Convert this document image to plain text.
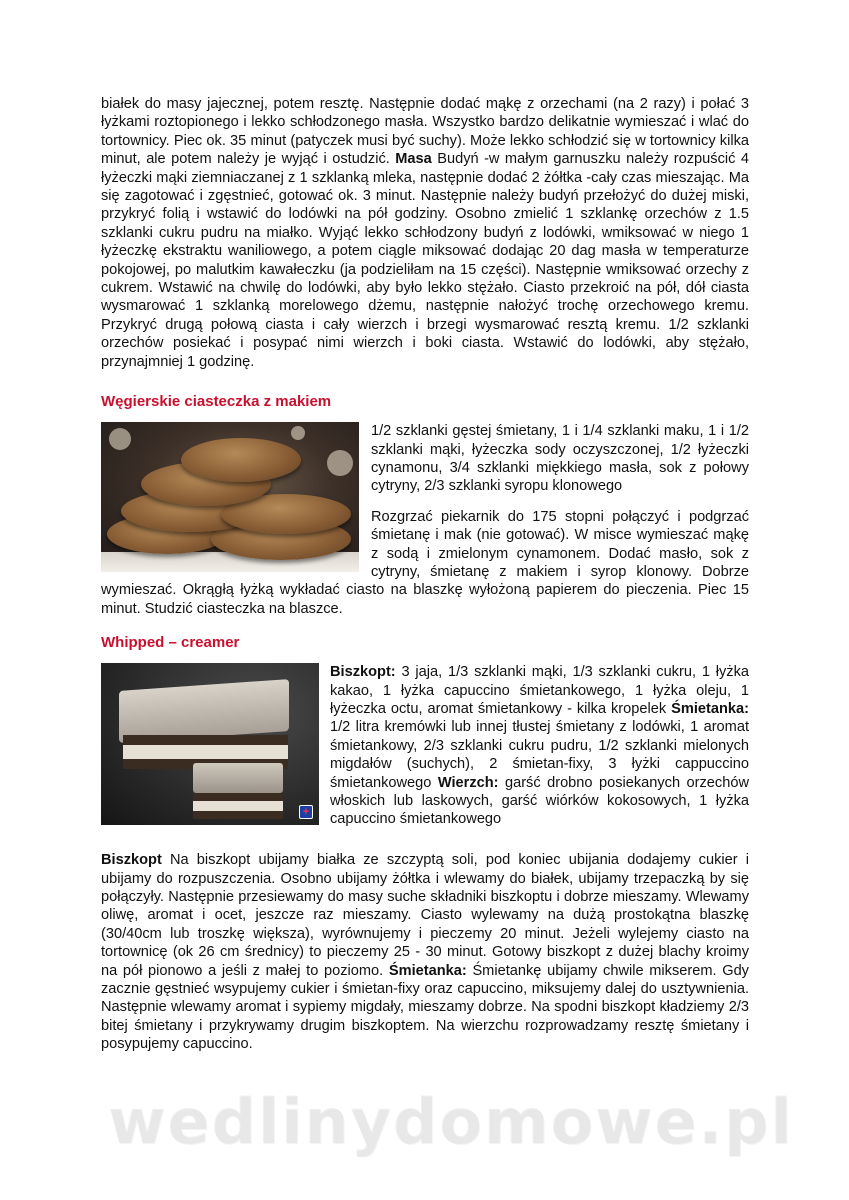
białek do masy jajecznej, potem resztę. Następnie dodać mąkę z orzechami (na 2 razy) i połać 3 łyżkami roztopionego i lekko schłodzonego masła. Wszystko bardzo delikatnie wymieszać i wlać do tortownicy. Piec ok. 35 minut (patyczek musi być suchy). Może lekko schłodzić się w tortownicy kilka minut, ale potem należy je wyjąć i ostudzić. Masa Budyń -w małym garnuszku należy rozpuścić 4 łyżeczki mąki ziemniaczanej z 1 szklanką mleka, następnie dodać 2 żółtka -cały czas mieszając. Ma się zagotować i zgęstnieć, gotować ok. 3 minut. Następnie należy budyń przełożyć do dużej miski, przykryć folią i wstawić do lodówki na pół godziny. Osobno zmielić 1 szklankę orzechów z 1.5 szklanki cukru pudru na miałko. Wyjąć lekko schłodzony budyń z lodówki, wmiksować w niego 1 łyżeczkę ekstraktu waniliowego, a potem ciągle miksować dodając 20 dag masła w temperaturze pokojowej, po malutkim kawałeczku (ja podzieliłam na 15 części). Następnie wmiksować orzechy z cukrem. Wstawić na chwilę do lodówki, aby było lekko stężało. Ciasto przekroić na pół, dół ciasta wysmarować 1 szklanką morelowego dżemu, następnie nałożyć trochę orzechowego kremu. Przykryć drugą połową ciasta i cały wierzch i brzegi wysmarować resztą kremu. 1/2 szklanki orzechów posiekać i posypać nimi wierzch i boki ciasta. Wstawić do lodówki, aby stężało, przynajmniej 1 godzinę.

Węgierskie ciasteczka z makiem

1/2 szklanki gęstej śmietany, 1 i 1/4 szklanki maku, 1 i 1/2 szklanki mąki, łyżeczka sody oczyszczonej, 1/2 łyżeczki cynamonu, 3/4 szklanki miękkiego masła, sok z połowy cytryny, 2/3 szklanki syropu klonowego

Rozgrzać piekarnik do 175 stopni połączyć i podgrzać śmietanę i mak (nie gotować). W misce wymieszać mąkę z sodą i zmielonym cynamonem. Dodać masło, sok z cytryny, śmietanę z makiem i syrop klonowy. Dobrze wymieszać. Okrągłą łyżką wykładać ciasto na blaszkę wyłożoną papierem do pieczenia. Piec 15 minut. Studzić ciasteczka na blaszce.

Whipped – creamer
+

Biszkopt: 3 jaja, 1/3 szklanki mąki, 1/3 szklanki cukru, 1 łyżka kakao, 1 łyżka capuccino śmietankowego, 1 łyżka oleju, 1 łyżeczka octu, aromat śmietankowy - kilka kropelek Śmietanka: 1/2 litra kremówki lub innej tłustej śmietany z lodówki, 1 aromat śmietankowy, 2/3 szklanki cukru pudru, 1/2 szklanki mielonych migdałów (suchych), 2 śmietan-fixy, 3 łyżki cappuccino śmietankowego Wierzch: garść drobno posiekanych orzechów włoskich lub laskowych, garść wiórków kokosowych, 1 łyżka capuccino śmietankowego

Biszkopt Na biszkopt ubijamy białka ze szczyptą soli, pod koniec ubijania dodajemy cukier i ubijamy do rozpuszczenia. Osobno ubijamy żółtka i wlewamy do białek, ubijamy trzepaczką by się połączyły. Następnie przesiewamy do masy suche składniki biszkoptu i dobrze mieszamy. Wlewamy oliwę, aromat i ocet, jeszcze raz mieszamy. Ciasto wylewamy na dużą prostokątna blaszkę (30/40cm lub troszkę większa), wyrównujemy i pieczemy 20 minut. Jeżeli wylejemy ciasto na tortownicę (ok 26 cm średnicy) to pieczemy 25 - 30 minut. Gotowy biszkopt z dużej blachy kroimy na pół pionowo a jeśli z małej to poziomo. Śmietanka: Śmietankę ubijamy chwile mikserem. Gdy zacznie gęstnieć wsypujemy cukier i śmietan-fixy oraz capuccino, miksujemy dalej do usztywnienia. Następnie wlewamy aromat i sypiemy migdały, mieszamy dobrze. Na spodni biszkopt kładziemy 2/3 bitej śmietany i przykrywamy drugim biszkoptem. Na wierzchu rozprowadzamy resztę śmietany i posypujemy capuccino.

wedlinydomowe.pl
